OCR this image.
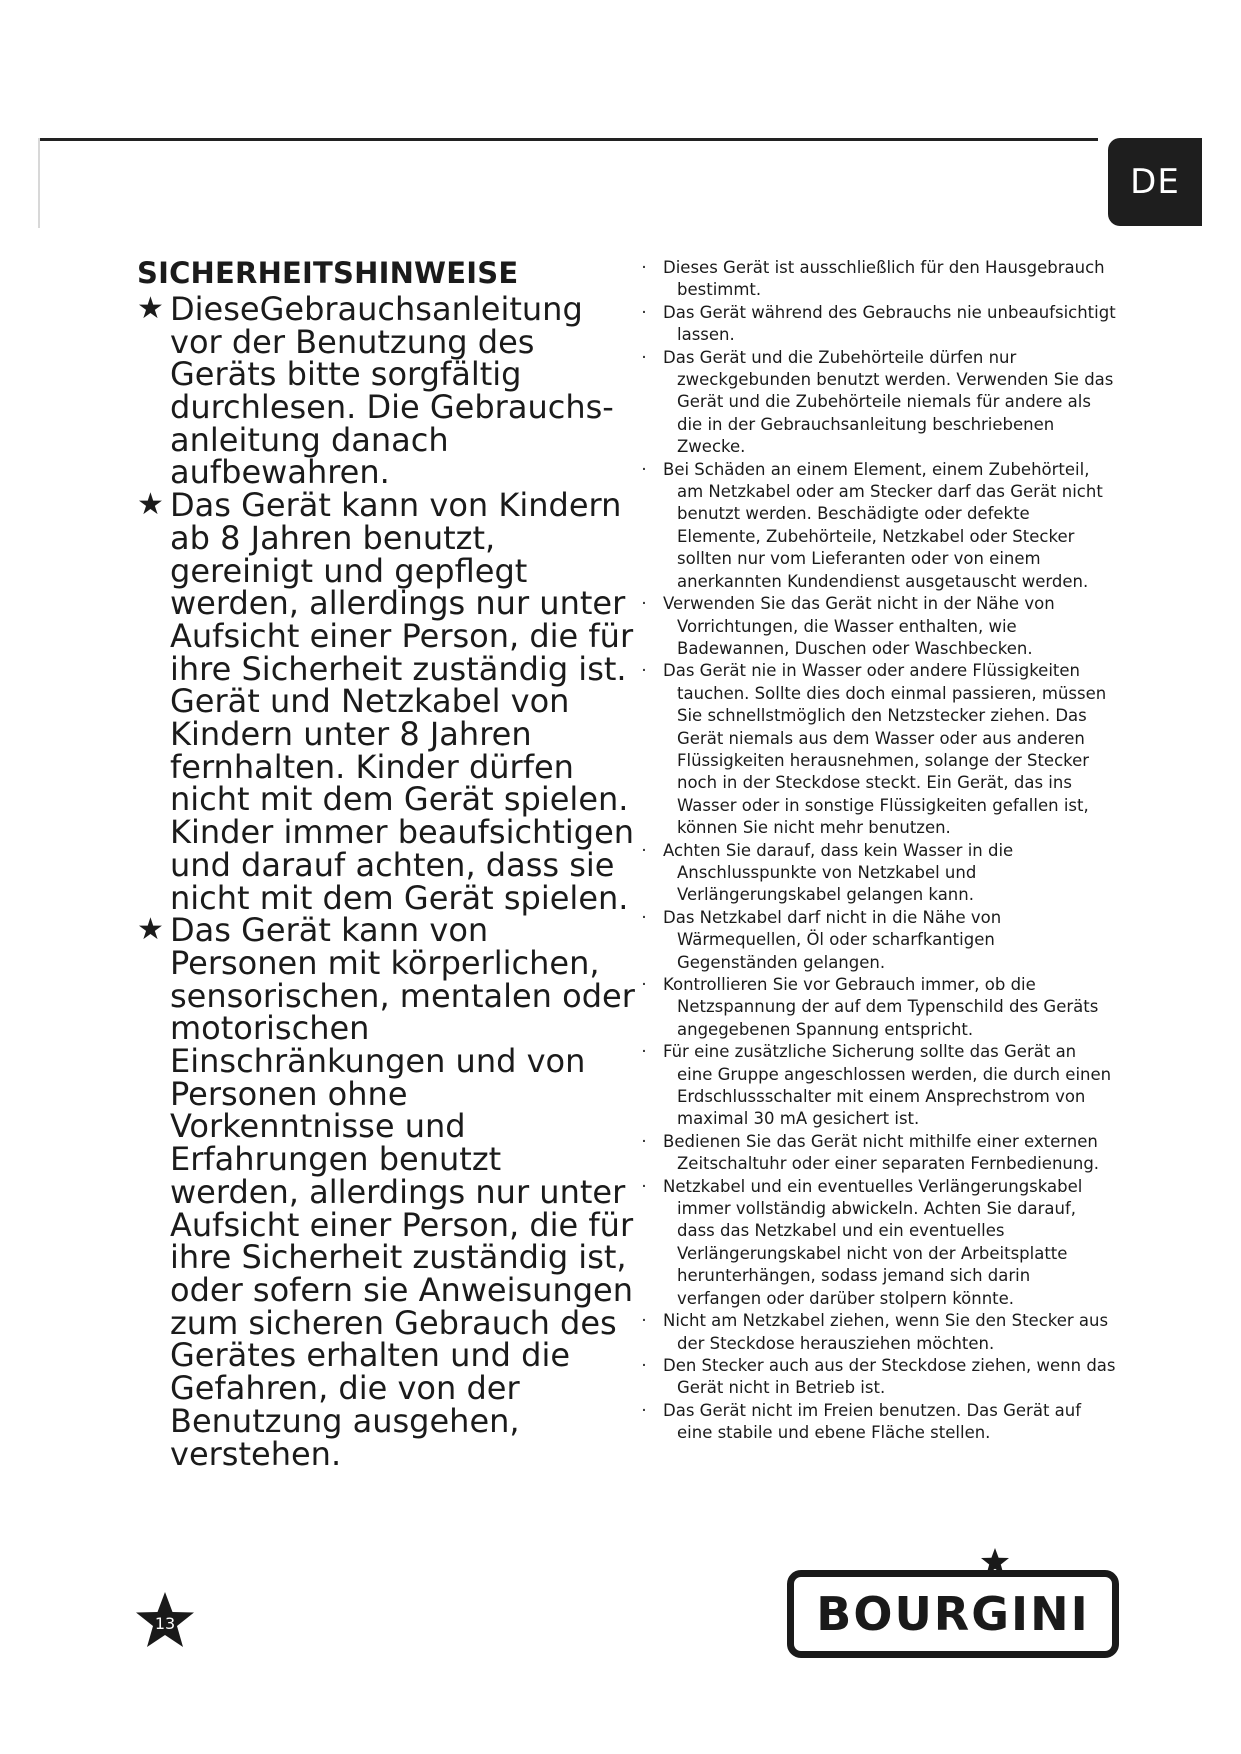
DE
SICHERHEITSHINWEISE
★ DieseGebrauchsanleitung vor der Benutzung des Geräts bitte sorgfältig durchlesen. Die Gebrauchs-anleitung danach aufbewahren.
★ Das Gerät kann von Kindern ab 8 Jahren benutzt, gereinigt und gepflegt werden, allerdings nur unter Aufsicht einer Person, die für ihre Sicherheit zuständig ist. Gerät und Netzkabel von Kindern unter 8 Jahren fernhalten. Kinder dürfen nicht mit dem Gerät spielen. Kinder immer beaufsichtigen und darauf achten, dass sie nicht mit dem Gerät spielen.
★ Das Gerät kann von Personen mit körperlichen, sensorischen, mentalen oder motorischen Einschränkungen und von Personen ohne Vorkenntnisse und Erfahrungen benutzt werden, allerdings nur unter Aufsicht einer Person, die für ihre Sicherheit zuständig ist, oder sofern sie Anweisungen zum sicheren Gebrauch des Gerätes erhalten und die Gefahren, die von der Benutzung ausgehen, verstehen.
· Dieses Gerät ist ausschließlich für den Hausgebrauch bestimmt.
· Das Gerät während des Gebrauchs nie unbeaufsichtigt lassen.
· Das Gerät und die Zubehörteile dürfen nur zweckgebunden benutzt werden. Verwenden Sie das Gerät und die Zubehörteile niemals für andere als die in der Gebrauchsanleitung beschriebenen Zwecke.
· Bei Schäden an einem Element, einem Zubehörteil, am Netzkabel oder am Stecker darf das Gerät nicht benutzt werden. Beschädigte oder defekte Elemente, Zubehörteile, Netzkabel oder Stecker sollten nur vom Lieferanten oder von einem anerkannten Kundendienst ausgetauscht werden.
· Verwenden Sie das Gerät nicht in der Nähe von Vorrichtungen, die Wasser enthalten, wie Badewannen, Duschen oder Waschbecken.
· Das Gerät nie in Wasser oder andere Flüssigkeiten tauchen. Sollte dies doch einmal passieren, müssen Sie schnellstmöglich den Netzstecker ziehen. Das Gerät niemals aus dem Wasser oder aus anderen Flüssigkeiten herausnehmen, solange der Stecker noch in der Steckdose steckt. Ein Gerät, das ins Wasser oder in sonstige Flüssigkeiten gefallen ist, können Sie nicht mehr benutzen.
· Achten Sie darauf, dass kein Wasser in die Anschlusspunkte von Netzkabel und Verlängerungskabel gelangen kann.
· Das Netzkabel darf nicht in die Nähe von Wärmequellen, Öl oder scharfkantigen Gegenständen gelangen.
· Kontrollieren Sie vor Gebrauch immer, ob die Netzspannung der auf dem Typenschild des Geräts angegebenen Spannung entspricht.
· Für eine zusätzliche Sicherung sollte das Gerät an eine Gruppe angeschlossen werden, die durch einen Erdschlussschalter mit einem Ansprechstrom von maximal 30 mA gesichert ist.
· Bedienen Sie das Gerät nicht mithilfe einer externen Zeitschaltuhr oder einer separaten Fernbedienung.
· Netzkabel und ein eventuelles Verlängerungskabel immer vollständig abwickeln. Achten Sie darauf, dass das Netzkabel und ein eventuelles Verlängerungskabel nicht von der Arbeitsplatte herunterhängen, sodass jemand sich darin verfangen oder darüber stolpern könnte.
· Nicht am Netzkabel ziehen, wenn Sie den Stecker aus der Steckdose herausziehen möchten.
· Den Stecker auch aus der Steckdose ziehen, wenn das Gerät nicht in Betrieb ist.
· Das Gerät nicht im Freien benutzen. Das Gerät auf eine stabile und ebene Fläche stellen.
13	BOURGINI
